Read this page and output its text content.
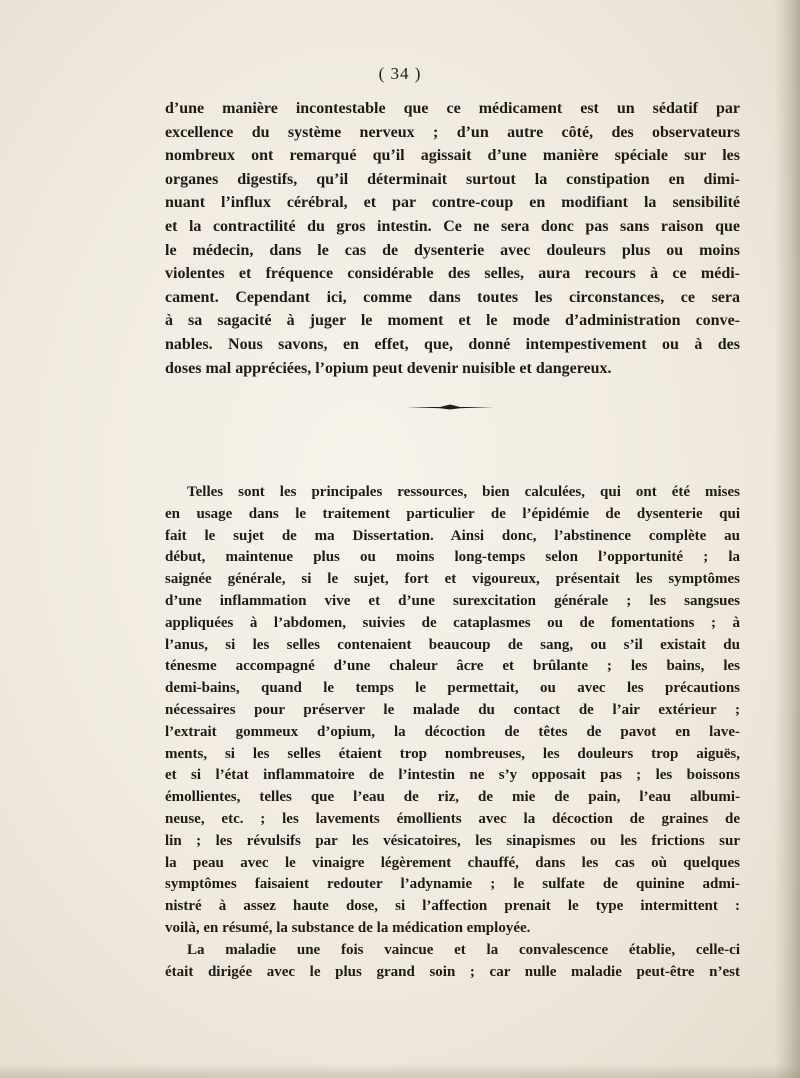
( 34 )
d’une manière incontestable que ce médicament est un sédatif par
excellence du système nerveux ; d’un autre côté, des observateurs
nombreux ont remarqué qu’il agissait d’une manière spéciale sur les
organes digestifs, qu’il déterminait surtout la constipation en dimi-
nuant l’influx cérébral, et par contre-coup en modifiant la sensibilité
et la contractilité du gros intestin. Ce ne sera donc pas sans raison que
le médecin, dans le cas de dysenterie avec douleurs plus ou moins
violentes et fréquence considérable des selles, aura recours à ce médi-
cament. Cependant ici, comme dans toutes les circonstances, ce sera
à sa sagacité à juger le moment et le mode d’administration conve-
nables. Nous savons, en effet, que, donné intempestivement ou à des
doses mal appréciées, l’opium peut devenir nuisible et dangereux.
Telles sont les principales ressources, bien calculées, qui ont été mises
en usage dans le traitement particulier de l’épidémie de dysenterie qui
fait le sujet de ma Dissertation. Ainsi donc, l’abstinence complète au
début, maintenue plus ou moins long-temps selon l’opportunité ; la
saignée générale, si le sujet, fort et vigoureux, présentait les symptômes
d’une inflammation vive et d’une surexcitation générale ; les sangsues
appliquées à l’abdomen, suivies de cataplasmes ou de fomentations ; à
l’anus, si les selles contenaient beaucoup de sang, ou s’il existait du
ténesme accompagné d’une chaleur âcre et brûlante ; les bains, les
demi-bains, quand le temps le permettait, ou avec les précautions
nécessaires pour préserver le malade du contact de l’air extérieur ;
l’extrait gommeux d’opium, la décoction de têtes de pavot en lave-
ments, si les selles étaient trop nombreuses, les douleurs trop aiguës,
et si l’état inflammatoire de l’intestin ne s’y opposait pas ; les boissons
émollientes, telles que l’eau de riz, de mie de pain, l’eau albumi-
neuse, etc. ; les lavements émollients avec la décoction de graines de
lin ; les révulsifs par les vésicatoires, les sinapismes ou les frictions sur
la peau avec le vinaigre légèrement chauffé, dans les cas où quelques
symptômes faisaient redouter l’adynamie ; le sulfate de quinine admi-
nistré à assez haute dose, si l’affection prenait le type intermittent :
voilà, en résumé, la substance de la médication employée.
La maladie une fois vaincue et la convalescence établie, celle-ci
était dirigée avec le plus grand soin ; car nulle maladie peut-être n’est
